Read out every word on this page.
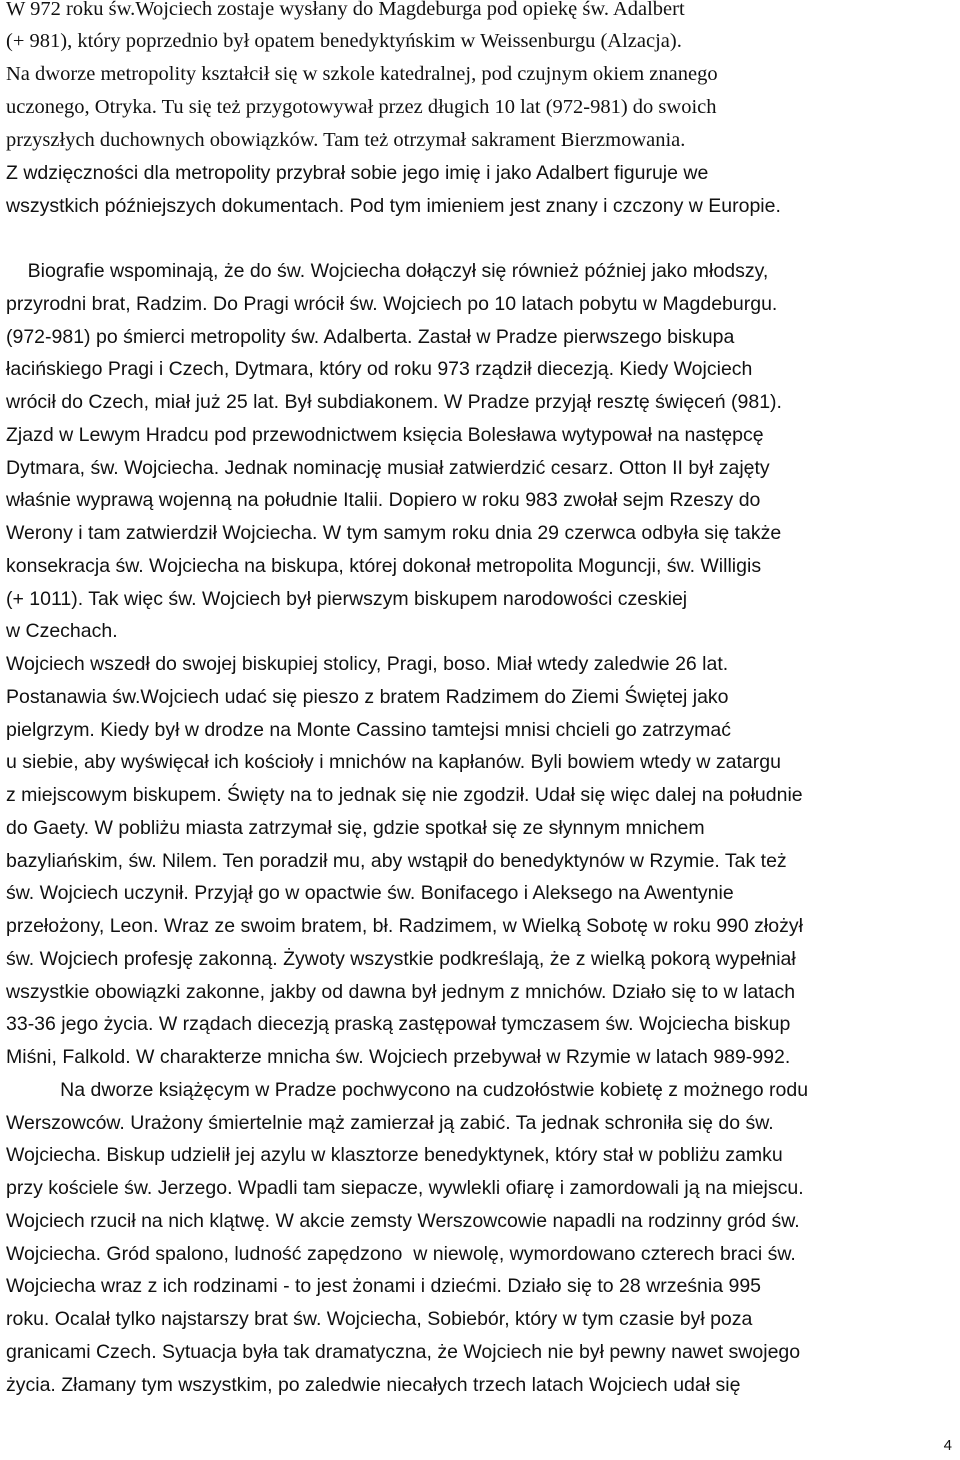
W 972 roku św.Wojciech zostaje wysłany do Magdeburga pod opiekę św. Adalbert
(+ 981), który poprzednio był opatem benedyktyńskim w Weissenburgu (Alzacja).
Na dworze metropolity kształcił się w szkole katedralnej, pod czujnym okiem znanego
uczonego, Otryka. Tu się też przygotowywał przez długich 10 lat (972-981) do swoich
przyszłych duchownych obowiązków. Tam też otrzymał sakrament Bierzmowania.
Z wdzięczności dla metropolity przybrał sobie jego imię i jako Adalbert figuruje we
wszystkich późniejszych dokumentach. Pod tym imieniem jest znany i czczony w Europie.
Biografie wspominają, że do św. Wojciecha dołączył się również później jako młodszy,
przyrodni brat, Radzim. Do Pragi wrócił św. Wojciech po 10 latach pobytu w Magdeburgu.
(972-981) po śmierci metropolity św. Adalberta. Zastał w Pradze pierwszego biskupa
łacińskiego Pragi i Czech, Dytmara, który od roku 973 rządził diecezją. Kiedy Wojciech
wrócił do Czech, miał już 25 lat. Był subdiakonem. W Pradze przyjął resztę święceń (981).
Zjazd w Lewym Hradcu pod przewodnictwem księcia Bolesława wytypował na następcę
Dytmara, św. Wojciecha. Jednak nominację musiał zatwierdzić cesarz. Otton II był zajęty
właśnie wyprawą wojenną na południe Italii. Dopiero w roku 983 zwołał sejm Rzeszy do
Werony i tam zatwierdził Wojciecha. W tym samym roku dnia 29 czerwca odbyła się także
konsekracja św. Wojciecha na biskupa, której dokonał metropolita Moguncji, św. Willigis
(+ 1011). Tak więc św. Wojciech był pierwszym biskupem narodowości czeskiej
w Czechach.
Wojciech wszedł do swojej biskupiej stolicy, Pragi, boso. Miał wtedy zaledwie 26 lat.
Postanawia św.Wojciech udać się pieszo z bratem Radzimem do Ziemi Świętej jako
pielgrzym. Kiedy był w drodze na Monte Cassino tamtejsi mnisi chcieli go zatrzymać
u siebie, aby wyświęcał ich kościoły i mnichów na kapłanów. Byli bowiem wtedy w zatargu
z miejscowym biskupem. Święty na to jednak się nie zgodził. Udał się więc dalej na południe
do Gaety. W pobliżu miasta zatrzymał się, gdzie spotkał się ze słynnym mnichem
bazyliańskim, św. Nilem. Ten poradził mu, aby wstąpił do benedyktynów w Rzymie. Tak też
św. Wojciech uczynił. Przyjął go w opactwie św. Bonifacego i Aleksego na Awentynie
przełożony, Leon. Wraz ze swoim bratem, bł. Radzimem, w Wielką Sobotę w roku 990 złożył
św. Wojciech profesję zakonną. Żywoty wszystkie podkreślają, że z wielką pokorą wypełniał
wszystkie obowiązki zakonne, jakby od dawna był jednym z mnichów. Działo się to w latach
33-36 jego życia. W rządach diecezją praską zastępował tymczasem św. Wojciecha biskup
Miśni, Falkold. W charakterze mnicha św. Wojciech przebywał w Rzymie w latach 989-992.
Na dworze książęcym w Pradze pochwycono na cudzołóstwie kobietę z możnego rodu
Werszowców. Urażony śmiertelnie mąż zamierzał ją zabić. Ta jednak schroniła się do św.
Wojciecha. Biskup udzielił jej azylu w klasztorze benedyktynek, który stał w pobliżu zamku
przy kościele św. Jerzego. Wpadli tam siepacze, wywlekli ofiarę i zamordowali ją na miejscu.
Wojciech rzucił na nich klątwę. W akcie zemsty Werszowcowie napadli na rodzinny gród św.
Wojciecha. Gród spalono, ludność zapędzono  w niewolę, wymordowano czterech braci św.
Wojciecha wraz z ich rodzinami - to jest żonami i dziećmi. Działo się to 28 września 995
roku. Ocalał tylko najstarszy brat św. Wojciecha, Sobiebór, który w tym czasie był poza
granicami Czech. Sytuacja była tak dramatyczna, że Wojciech nie był pewny nawet swojego
życia. Złamany tym wszystkim, po zaledwie niecałych trzech latach Wojciech udał się
4
